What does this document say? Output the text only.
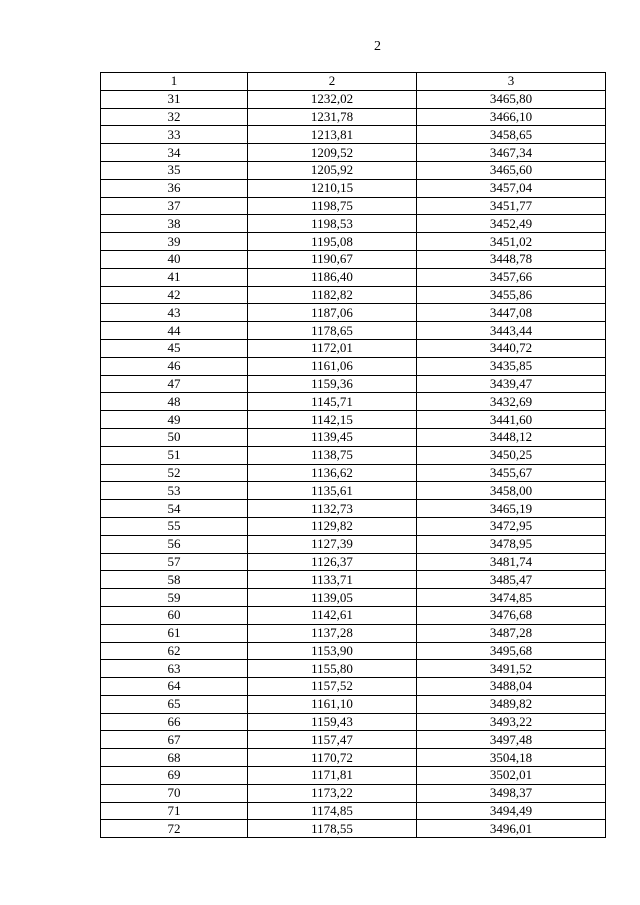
2
1	2	3
31	1232,02	3465,80
32	1231,78	3466,10
33	1213,81	3458,65
34	1209,52	3467,34
35	1205,92	3465,60
36	1210,15	3457,04
37	1198,75	3451,77
38	1198,53	3452,49
39	1195,08	3451,02
40	1190,67	3448,78
41	1186,40	3457,66
42	1182,82	3455,86
43	1187,06	3447,08
44	1178,65	3443,44
45	1172,01	3440,72
46	1161,06	3435,85
47	1159,36	3439,47
48	1145,71	3432,69
49	1142,15	3441,60
50	1139,45	3448,12
51	1138,75	3450,25
52	1136,62	3455,67
53	1135,61	3458,00
54	1132,73	3465,19
55	1129,82	3472,95
56	1127,39	3478,95
57	1126,37	3481,74
58	1133,71	3485,47
59	1139,05	3474,85
60	1142,61	3476,68
61	1137,28	3487,28
62	1153,90	3495,68
63	1155,80	3491,52
64	1157,52	3488,04
65	1161,10	3489,82
66	1159,43	3493,22
67	1157,47	3497,48
68	1170,72	3504,18
69	1171,81	3502,01
70	1173,22	3498,37
71	1174,85	3494,49
72	1178,55	3496,01
